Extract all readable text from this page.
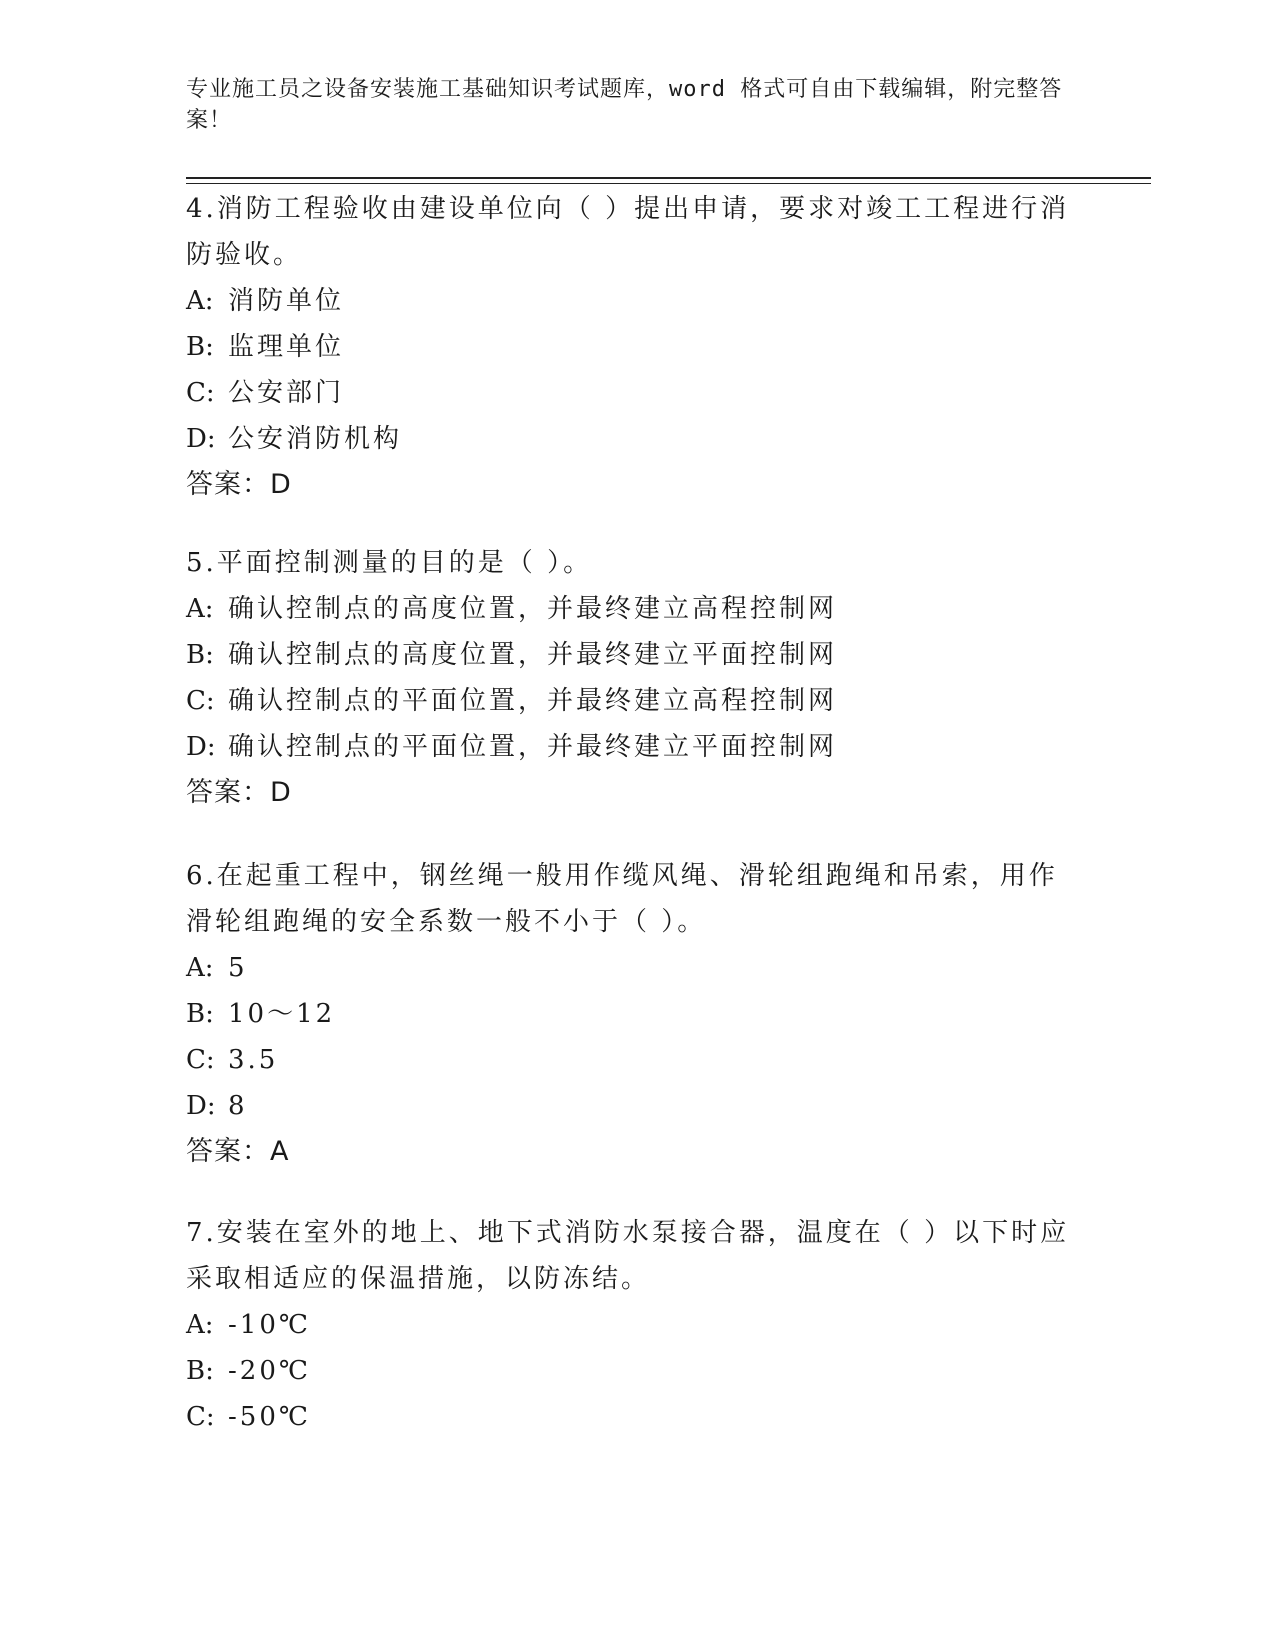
专业施工员之设备安装施工基础知识考试题库，word 格式可自由下载编辑，附完整答案！

4.消防工程验收由建设单位向（ ）提出申请，要求对竣工工程进行消防验收。

A: 消防单位

B: 监理单位

C: 公安部门

D: 公安消防机构

答案：D

5.平面控制测量的目的是（ ）。

A: 确认控制点的高度位置，并最终建立高程控制网

B: 确认控制点的高度位置，并最终建立平面控制网

C: 确认控制点的平面位置，并最终建立高程控制网

D: 确认控制点的平面位置，并最终建立平面控制网

答案：D

6.在起重工程中，钢丝绳一般用作缆风绳、滑轮组跑绳和吊索，用作滑轮组跑绳的安全系数一般不小于（ ）。

A: 5

B: 10～12

C: 3.5

D: 8

答案：A

7.安装在室外的地上、地下式消防水泵接合器，温度在（ ）以下时应采取相适应的保温措施，以防冻结。

A: -10℃

B: -20℃

C: -50℃
